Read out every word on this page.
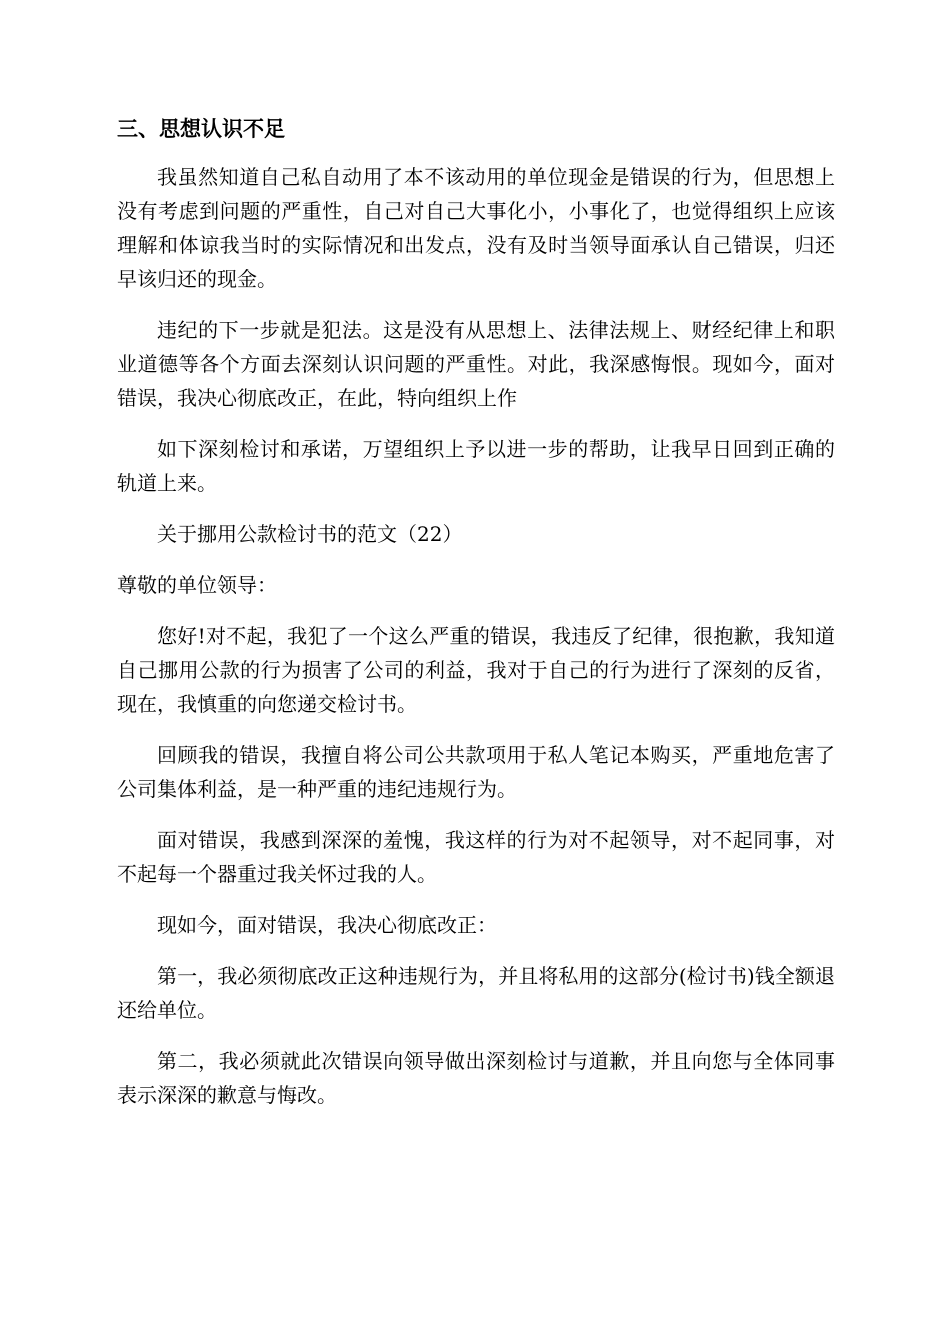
三、思想认识不足

我虽然知道自己私自动用了本不该动用的单位现金是错误的行为，但思想上没有考虑到问题的严重性，自己对自己大事化小，小事化了，也觉得组织上应该理解和体谅我当时的实际情况和出发点，没有及时当领导面承认自己错误，归还早该归还的现金。

违纪的下一步就是犯法。这是没有从思想上、法律法规上、财经纪律上和职业道德等各个方面去深刻认识问题的严重性。对此，我深感悔恨。现如今，面对错误，我决心彻底改正，在此，特向组织上作

如下深刻检讨和承诺，万望组织上予以进一步的帮助，让我早日回到正确的轨道上来。

关于挪用公款检讨书的范文（22）

尊敬的单位领导：

您好!对不起，我犯了一个这么严重的错误，我违反了纪律，很抱歉，我知道自己挪用公款的行为损害了公司的利益，我对于自己的行为进行了深刻的反省，现在，我慎重的向您递交检讨书。

回顾我的错误，我擅自将公司公共款项用于私人笔记本购买，严重地危害了公司集体利益，是一种严重的违纪违规行为。

面对错误，我感到深深的羞愧，我这样的行为对不起领导，对不起同事，对不起每一个器重过我关怀过我的人。

现如今，面对错误，我决心彻底改正：

第一，我必须彻底改正这种违规行为，并且将私用的这部分(检讨书)钱全额退还给单位。

第二，我必须就此次错误向领导做出深刻检讨与道歉，并且向您与全体同事表示深深的歉意与悔改。
